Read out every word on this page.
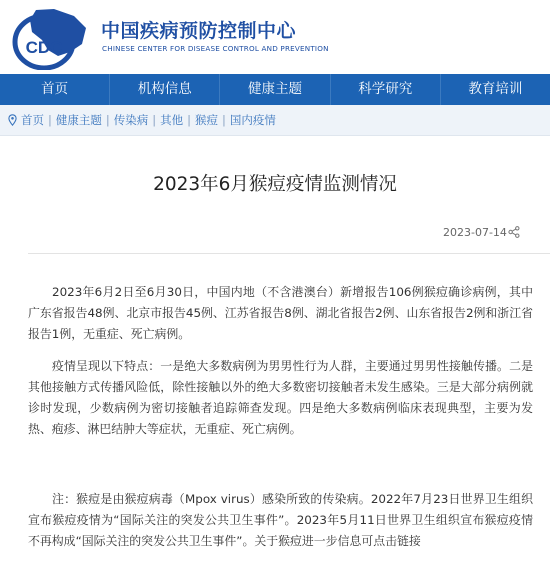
CDC
中国疾病预防控制中心
CHINESE CENTER FOR DISEASE CONTROL AND PREVENTION
首页	机构信息	健康主题	科学研究	教育培训
首页 | 健康主题 | 传染病 | 其他 | 猴痘 | 国内疫情
2023年6月猴痘疫情监测情况
2023-07-14

2023年6月2日至6月30日，中国内地（不含港澳台）新增报告106例猴痘确诊病例，其中广东省报告48例、北京市报告45例、江苏省报告8例、湖北省报告2例、山东省报告2例和浙江省报告1例，无重症、死亡病例。

疫情呈现以下特点：一是绝大多数病例为男男性行为人群，主要通过男男性接触传播。二是其他接触方式传播风险低，除性接触以外的绝大多数密切接触者未发生感染。三是大部分病例就诊时发现，少数病例为密切接触者追踪筛查发现。四是绝大多数病例临床表现典型，主要为发热、疱疹、淋巴结肿大等症状，无重症、死亡病例。

注：猴痘是由猴痘病毒（Mpox virus）感染所致的传染病。2022年7月23日世界卫生组织宣布猴痘疫情为“国际关注的突发公共卫生事件”。2023年5月11日世界卫生组织宣布猴痘疫情不再构成“国际关注的突发公共卫生事件”。关于猴痘进一步信息可点击链接
